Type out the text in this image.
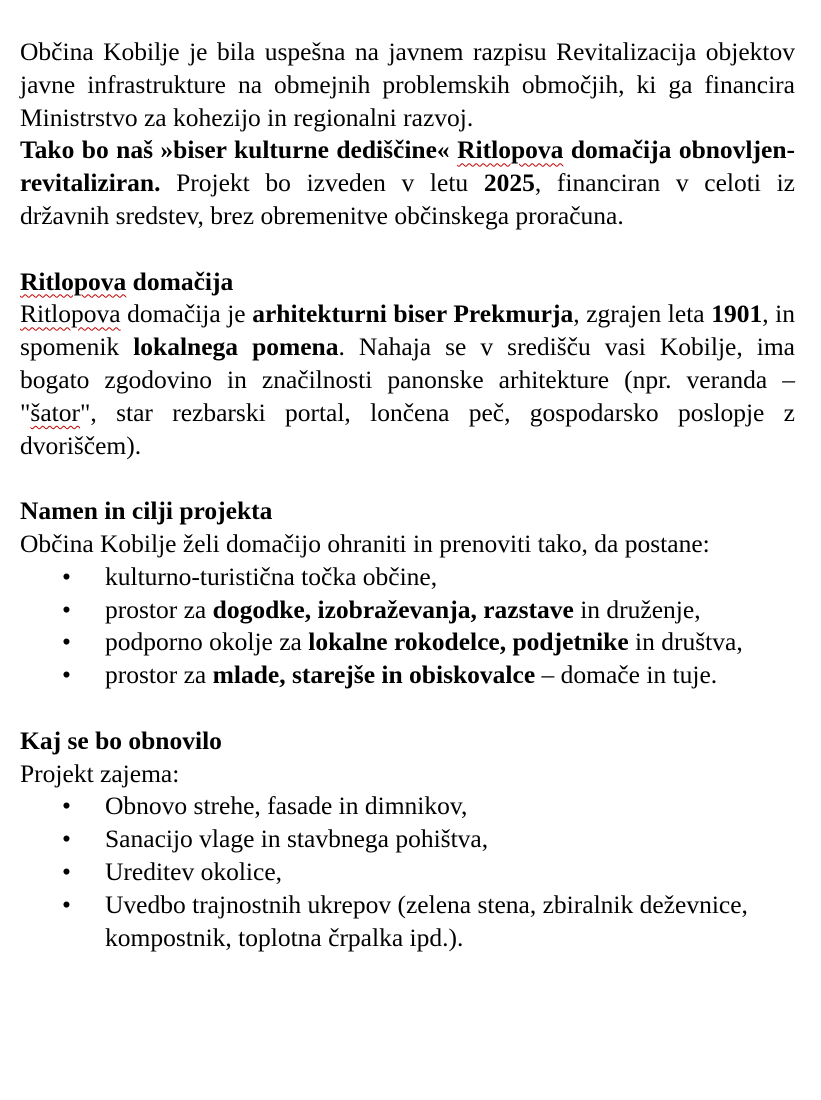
Občina Kobilje je bila uspešna na javnem razpisu Revitalizacija objektov javne infrastrukture na obmejnih problemskih območjih, ki ga financira Ministrstvo za kohezijo in regionalni razvoj.

Tako bo naš »biser kulturne dediščine« Ritlopova domačija obnovljen-revitaliziran. Projekt bo izveden v letu 2025, financiran v celoti iz državnih sredstev, brez obremenitve občinskega proračuna.

Ritlopova domačija

Ritlopova domačija je arhitekturni biser Prekmurja, zgrajen leta 1901, in spomenik lokalnega pomena. Nahaja se v središču vasi Kobilje, ima bogato zgodovino in značilnosti panonske arhitekture (npr. veranda – "šator", star rezbarski portal, lončena peč, gospodarsko poslopje z dvoriščem).

Namen in cilji projekta

Občina Kobilje želi domačijo ohraniti in prenoviti tako, da postane:

• kulturno-turistična točka občine,
• prostor za dogodke, izobraževanja, razstave in druženje,
• podporno okolje za lokalne rokodelce, podjetnike in društva,
• prostor za mlade, starejše in obiskovalce – domače in tuje.

Kaj se bo obnovilo

Projekt zajema:

• Obnovo strehe, fasade in dimnikov,
• Sanacijo vlage in stavbnega pohištva,
• Ureditev okolice,
• Uvedbo trajnostnih ukrepov (zelena stena, zbiralnik deževnice, kompostnik, toplotna črpalka ipd.).
